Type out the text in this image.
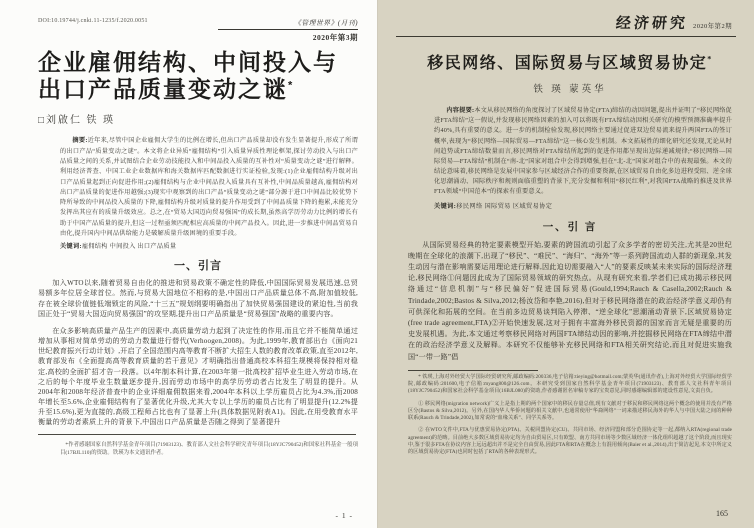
DOI:10.19744/j.cnki.11-1235/f.2020.0051	《管理世界》(月刊)
2020年第3期
企业雇佣结构、中间投入与
出口产品质量变动之谜*
□刘啟仁 铁 瑛

摘要:近年来,尽管中国企业雇佣大学生的比例在增长,但出口产品质量却没有发生显著提升,形成了所谓的出口产品“质量变动之谜”。本文将企业异质“雇佣结构”引入质量异质性理论框架,探讨劳动投入与出口产品质量之间的关系,并试图结合企业劳动技能投入和中间品投入质量的互补性对“质量变动之谜”进行解释。利用经济普查、中国工业企业数据库和海关数据库匹配数据进行实证检验,发现:(1)企业雇佣结构升级对出口产品质量起到正向促进作用;(2)雇佣结构与企业中间品投入质量具有互补性,中间品质量越高,雇佣结构对出口产品质量的促进作用越强;(3)现实中观察到的出口产品“质量变动之谜”部分源于进口中间品比较优势下降所导致的中间品投入质量的下降,雇佣结构升级对质量的提升作用受到了中间品质量下降的拖累,未能充分发挥出其应有的质量升级效应。总之,在“贸易大国迈向贸易强国”的成长期,虽然高学历劳动力比例的增长有助于中国产品质量的提升,但这一过程亟须匹配相应高质量的中间产品投入。因此,进一步推进中间品贸易自由化,提升国内中间品供给能力是破解质量升级困境的重要手段。

关键词:雇佣结构 中间投入 出口产品质量

一、引言

加入WTO以来,随着贸易自由化的推进和贸易政策不确定性的降低,中国国际贸易发展迅速,总贸易额多年位居全球首位。然而,与贸易大国地位不相称的是,中国出口产品质量总体不高,附加值较低,存在被全球价值链低端锁定的风险,“十三五”规划纲要明确指出了加快贸易强国建设的紧迫性,当前我国正处于“贸易大国迈向贸易强国”的攻坚期,提升出口产品质量是“贸易强国”战略的重要内容。

在众多影响高质量产品生产的因素中,高质量劳动力起到了决定性的作用,而且它并不能简单通过增加从事相对简单劳动的劳动力数量进行替代(Verhoogen,2008)。为此,1999年,教育部出台《面向21世纪教育振兴行动计划》,开启了全国范围内高等教育不断扩大招生人数的教育改革政策,直至2012年,教育部发布《全面提高高等教育质量的若干意见》才明确指出普通高校本科招生规模将保持相对稳定,高校的全面扩招才告一段落。以4年制本科计算,在2003年第一批高校扩招毕业生进入劳动市场,在之后的每个年度毕业生数量逐步提升,因而劳动市场中的高学历劳动者占比发生了明显的提升。从2004年和2008年经济普查中的企业详细雇佣数据来看,2004年本科以上学历雇员占比为4.3%,而2008年增长至5.6%,企业雇佣结构有了显著优化升级,尤其大专以上学历的雇员占比有了明显提升(12.2%提升至15.6%),更为直接的,高级工程师占比也有了显著上升(具体数据见附表A1)。因此,在用受教育水平衡量的劳动者素质上升的背景下,中国出口产品质量是否随之得到了显著提升

*作者感谢国家自然科学基金青年项目(71903123)、教育部人文社会科学研究青年项目(18YJC790452)和国家社科基金一般项目(17BJL110)的资助。铁瑛为本文通讯作者。

- 1 -
经济研究 2020年第2期
移民网络、国际贸易与区域贸易协定*
铁 瑛 蒙英华

内容提要:本文从移民网络的角度探讨了区域贸易协定(FTA)缔结的动因问题,提出并证明了“移民网络促进FTA缔结”这一假说,并发现移民网络因素的加入可以将既有FTA缔结动因相关研究的模型预测准确率提升约40%,具有重要的意义。进一步的机制检验发现,移民网络主要通过促进双边贸易流来提升两国FTA的签订概率,表现为“移民网络—国际贸易—FTA缔结”这一核心发生机制。本文拓展性的细化研究还发现,无论从时间趋势或FTA缔结数量而言,移民网络对FTA缔结所起到的促进作用都呈现出边际递减规律;“移民网络—国际贸易—FTA缔结”机制在“南-北”国家对组合中会得到增强,但在“北-北”国家对组合中的表现最强。本文的结论意味着,移民网络是发展中国家参与区域经济合作的重要资源,在区域贸易自由化多边进程受阻、逆全球化思潮涌动、国际秩序和规则面临重塑的背景下,充分发掘和利用“移民红利”,对我国FTA战略的推进及世界FTA领域“中国范本”的探索有重要意义。

关键词:移民网络 国际贸易 区域贸易协定

一、引 言

从国际贸易经典的特定要素模型开始,要素的跨国流动引起了众多学者的密切关注,尤其是20世纪晚期在全球化的浪潮下,出现了“移民”、“难民”、“海归”、“海外”等一系列跨国流动人群的新现象,其发生动因与潜在影响需要运用理论进行解释,因此迫切需要融入“人”的要素反映某未来实际的国际经济理论,移民网络①问题因此成为了国际贸易领域的研究热点。从现有研究来看,学者们已成功揭示移民网络通过“信息机制”与“移民偏好”促进国际贸易(Gould,1994;Rauch & Casella,2002;Rauch & Trindade,2002;Bastos & Silva,2012;杨汝岱和李艳,2016),但对于移民网络潜在的政治经济学意义却仍有可供深化和拓展的空间。在当前多边贸易谈判陷入停滞、“逆全球化”思潮涌动背景下,区域贸易协定(free trade agreement,FTA)②开始快速发展,这对于拥有丰富海外移民资源的国家而言无疑是重要的历史发展机遇。为此,本文通过考察移民网络对两国FTA缔结动因的影响,并挖掘移民网络在FTA缔结中潜在的政治经济学意义及解释。本研究不仅能够补充移民网络和FTA相关研究结论,而且对促进实施我国“一带一路”倡

* 铁瑛,上海对外经贸大学国际经贸研究所,邮政编码:200336,电子信箱:tieying@hotmail.com;蒙英华(通讯作者),上海对外经贸大学国际经贸学院,邮政编码:201600,电子信箱:myang800@126.com。本研究受到国家自然科学基金青年项目(71903123)、教育部人文社科青年项目(18YJC790452)和国家社会科学基金项目(16BJL080)的资助,作者感谢匿名审稿专家的宝贵意见,同时感谢编辑部的建设性意见,文责自负。

① 移民网络(migration network)广义上是指上期的两个国家中的移民存量总值,现有文献对于移民和移民网络这两个概念的使用并没有严格区分(Bastos & Silva,2012)。另外,在国内华人华侨问题的相关文献中,也通常使用“华裔网络”一词来描述移民海外的华人与中国大陆之间的种种联系(Rauch & Trindade,2002),如常说的“血缘关系”、同学关系等。

② 在WTO文件中,FTA与优惠贸易协定(PTA)、关税同盟协定(CU)、共同市场、经济同盟和部分范围协定等一起,都纳入RTA(regional trade agreement)的范畴。目前绝大多数区域贸易协定均为自由贸易区,只有欧盟、南方共同市场等少数区域经济一体化组织超越了这个阶段,而且现实中,鉴于很多FTA在协议内容上远远超出并不是完全自由贸易,因此FTA和RTA在概念上有混用倾向(Baier et al.,2014),出于简洁起见,本文中所定义的区域贸易协定(FTA)也同时包括了RTA的各种表现形式。

165
